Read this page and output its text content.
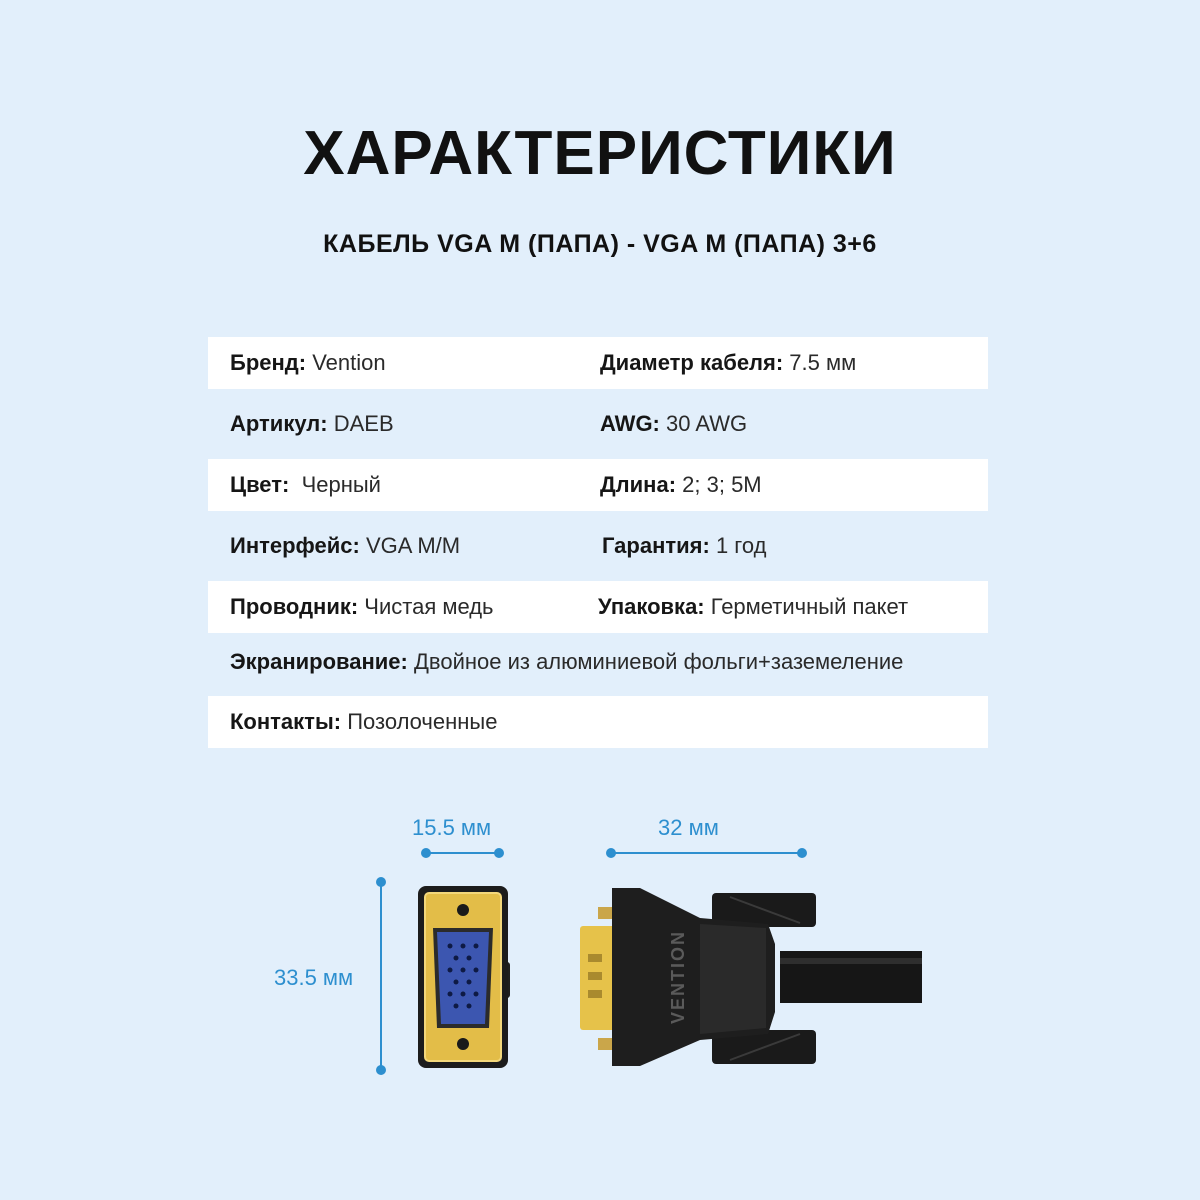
ХАРАКТЕРИСТИКИ
КАБЕЛЬ VGA M (ПАПА) - VGA M (ПАПА) 3+6
Бренд: Vention	Диаметр кабеля: 7.5 мм
Артикул: DAEB	AWG: 30 AWG
Цвет:  Черный	Длина: 2; 3; 5M
Интерфейс: VGA M/M	Гарантия: 1 год
Проводник: Чистая медь	Упаковка: Герметичный пакет
Экранирование: Двойное из алюминиевой фольги+заземеление
Контакты: Позолоченные
15.5 мм	32 мм
33.5 мм	VENTION
